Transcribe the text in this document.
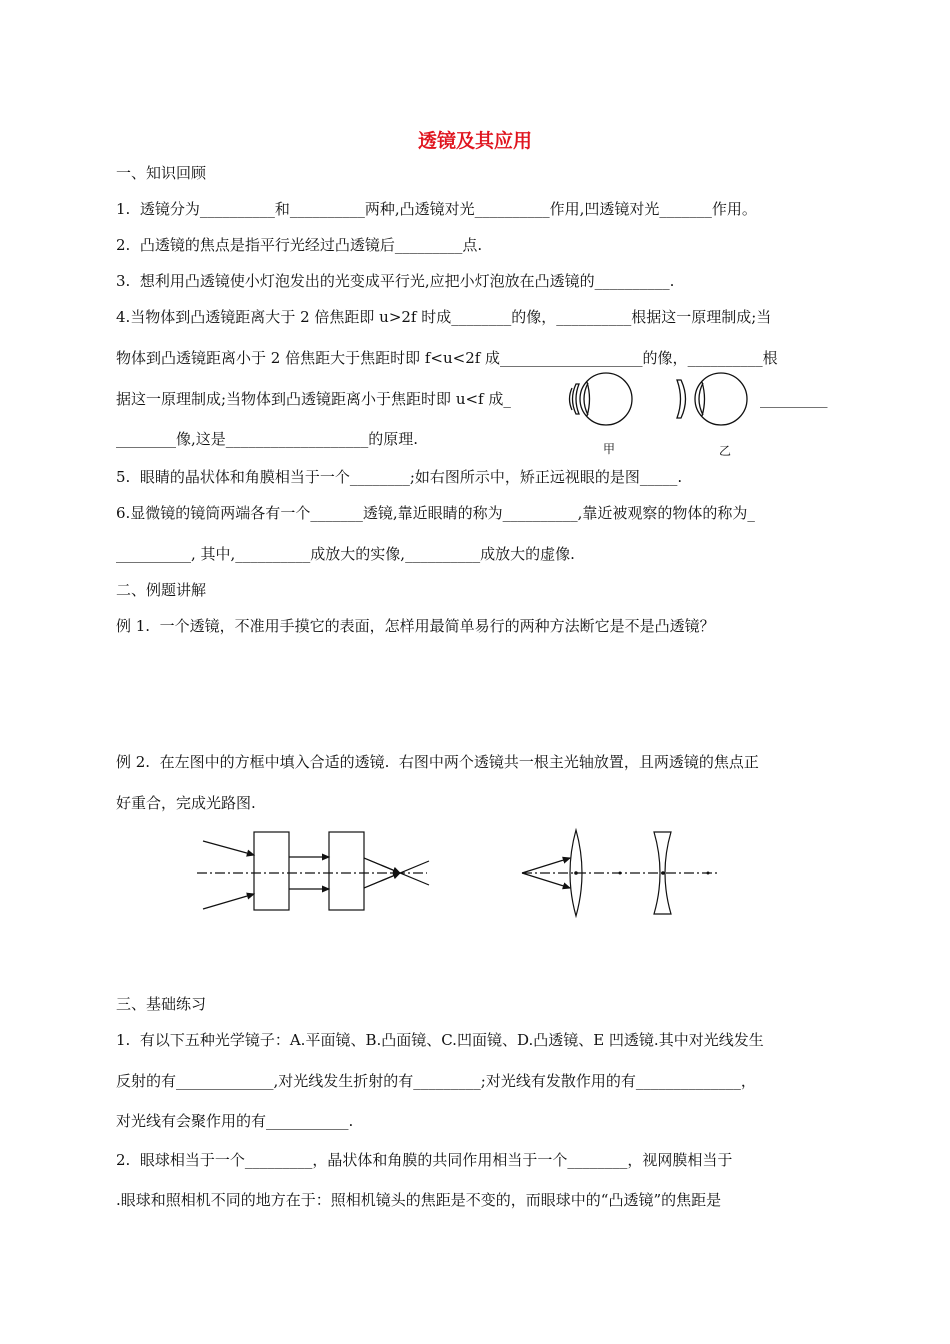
透镜及其应用

一、知识回顾

1.  透镜分为__________和__________两种,凸透镜对光__________作用,凹透镜对光_______作用。

2.  凸透镜的焦点是指平行光经过凸透镜后_________点.

3.  想利用凸透镜使小灯泡发出的光变成平行光,应把小灯泡放在凸透镜的__________.

4.当物体到凸透镜距离大于 2 倍焦距即 u>2f 时成________的像，__________根据这一原理制成;当

物体到凸透镜距离小于 2 倍焦距大于焦距时即 f<u<2f 成___________________的像，__________根

据这一原理制成;当物体到凸透镜距离小于焦距时即 u<f 成_	_________

________像,这是___________________的原理.

甲	乙

5.  眼睛的晶状体和角膜相当于一个________;如右图所示中，矫正远视眼的是图_____.

6.显微镜的镜筒两端各有一个_______透镜,靠近眼睛的称为__________,靠近被观察的物体的称为_

__________, 其中,__________成放大的实像,__________成放大的虚像.

二、例题讲解

例 1.  一个透镜，不准用手摸它的表面，怎样用最简单易行的两种方法断它是不是凸透镜？

例 2.  在左图中的方框中填入合适的透镜.  右图中两个透镜共一根主光轴放置，且两透镜的焦点正

好重合，完成光路图.

三、基础练习

1.  有以下五种光学镜子：A.平面镜、B.凸面镜、C.凹面镜、D.凸透镜、E 凹透镜.其中对光线发生

反射的有_____________,对光线发生折射的有_________;对光线有发散作用的有______________，

对光线有会聚作用的有___________.

2.  眼球相当于一个_________，晶状体和角膜的共同作用相当于一个________，视网膜相当于

.眼球和照相机不同的地方在于：照相机镜头的焦距是不变的，而眼球中的“凸透镜”的焦距是
